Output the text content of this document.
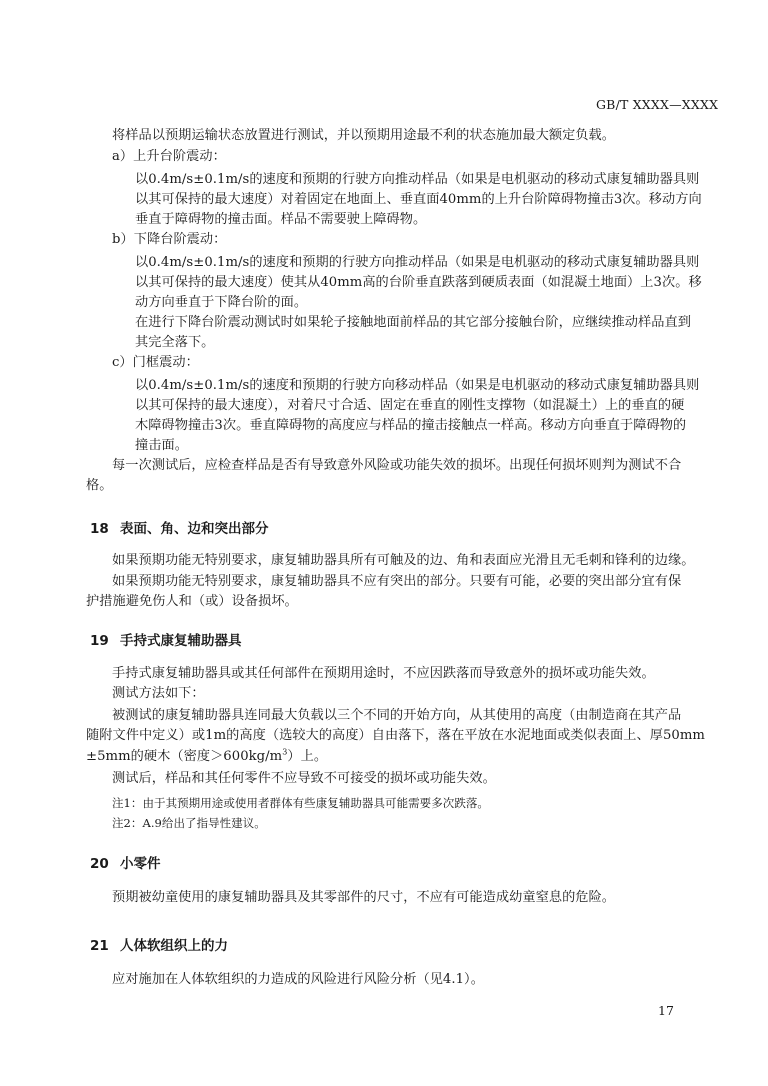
GB/T XXXX—XXXX
将样品以预期运输状态放置进行测试，并以预期用途最不利的状态施加最大额定负载。
a）上升台阶震动：
以0.4m/s±0.1m/s的速度和预期的行驶方向推动样品（如果是电机驱动的移动式康复辅助器具则
以其可保持的最大速度）对着固定在地面上、垂直面40mm的上升台阶障碍物撞击3次。移动方向
垂直于障碍物的撞击面。样品不需要驶上障碍物。
b）下降台阶震动：
以0.4m/s±0.1m/s的速度和预期的行驶方向推动样品（如果是电机驱动的移动式康复辅助器具则
以其可保持的最大速度）使其从40mm高的台阶垂直跌落到硬质表面（如混凝土地面）上3次。移
动方向垂直于下降台阶的面。
在进行下降台阶震动测试时如果轮子接触地面前样品的其它部分接触台阶，应继续推动样品直到
其完全落下。
c）门框震动：
以0.4m/s±0.1m/s的速度和预期的行驶方向移动样品（如果是电机驱动的移动式康复辅助器具则
以其可保持的最大速度），对着尺寸合适、固定在垂直的刚性支撑物（如混凝土）上的垂直的硬
木障碍物撞击3次。垂直障碍物的高度应与样品的撞击接触点一样高。移动方向垂直于障碍物的
撞击面。
每一次测试后，应检查样品是否有导致意外风险或功能失效的损坏。出现任何损坏则判为测试不合
格。
18 表面、角、边和突出部分
如果预期功能无特别要求，康复辅助器具所有可触及的边、角和表面应光滑且无毛刺和锋利的边缘。
如果预期功能无特别要求，康复辅助器具不应有突出的部分。只要有可能，必要的突出部分宜有保
护措施避免伤人和（或）设备损坏。
19 手持式康复辅助器具
手持式康复辅助器具或其任何部件在预期用途时，不应因跌落而导致意外的损坏或功能失效。
测试方法如下：
被测试的康复辅助器具连同最大负载以三个不同的开始方向，从其使用的高度（由制造商在其产品
随附文件中定义）或1m的高度（选较大的高度）自由落下，落在平放在水泥地面或类似表面上、厚50mm
±5mm的硬木（密度$>600kg/m^3$）上。
测试后，样品和其任何零件不应导致不可接受的损坏或功能失效。
注1：由于其预期用途或使用者群体有些康复辅助器具可能需要多次跌落。
注2：A.9给出了指导性建议。
20 小零件
预期被幼童使用的康复辅助器具及其零部件的尺寸，不应有可能造成幼童窒息的危险。
21 人体软组织上的力
应对施加在人体软组织的力造成的风险进行风险分析（见4.1）。
17
